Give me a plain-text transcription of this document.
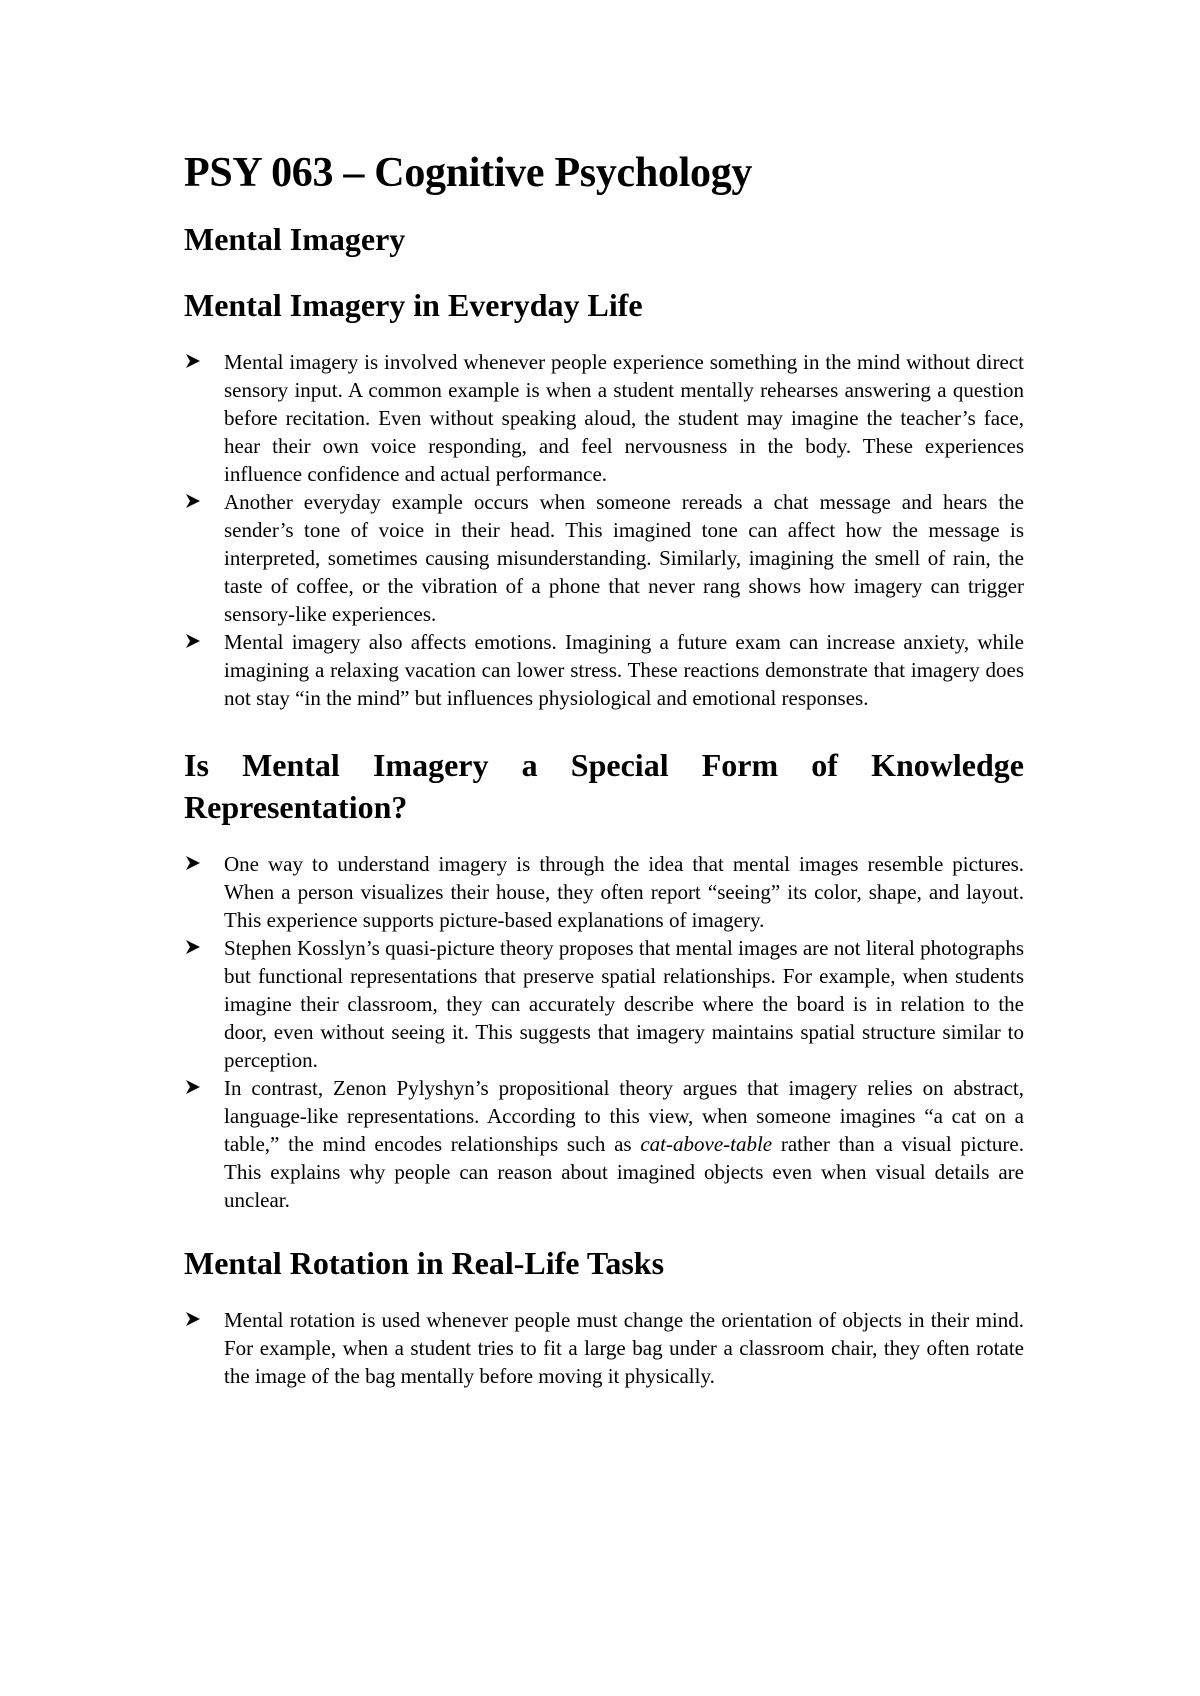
PSY 063 – Cognitive Psychology
Mental Imagery
Mental Imagery in Everyday Life
Mental imagery is involved whenever people experience something in the mind without direct sensory input. A common example is when a student mentally rehearses answering a question before recitation. Even without speaking aloud, the student may imagine the teacher’s face, hear their own voice responding, and feel nervousness in the body. These experiences influence confidence and actual performance.
Another everyday example occurs when someone rereads a chat message and hears the sender’s tone of voice in their head. This imagined tone can affect how the message is interpreted, sometimes causing misunderstanding. Similarly, imagining the smell of rain, the taste of coffee, or the vibration of a phone that never rang shows how imagery can trigger sensory-like experiences.
Mental imagery also affects emotions. Imagining a future exam can increase anxiety, while imagining a relaxing vacation can lower stress. These reactions demonstrate that imagery does not stay “in the mind” but influences physiological and emotional responses.
Is Mental Imagery a Special Form of Knowledge Representation?
One way to understand imagery is through the idea that mental images resemble pictures. When a person visualizes their house, they often report “seeing” its color, shape, and layout. This experience supports picture-based explanations of imagery.
Stephen Kosslyn’s quasi-picture theory proposes that mental images are not literal photographs but functional representations that preserve spatial relationships. For example, when students imagine their classroom, they can accurately describe where the board is in relation to the door, even without seeing it. This suggests that imagery maintains spatial structure similar to perception.
In contrast, Zenon Pylyshyn’s propositional theory argues that imagery relies on abstract, language-like representations. According to this view, when someone imagines “a cat on a table,” the mind encodes relationships such as cat-above-table rather than a visual picture. This explains why people can reason about imagined objects even when visual details are unclear.
Mental Rotation in Real-Life Tasks
Mental rotation is used whenever people must change the orientation of objects in their mind. For example, when a student tries to fit a large bag under a classroom chair, they often rotate the image of the bag mentally before moving it physically.
